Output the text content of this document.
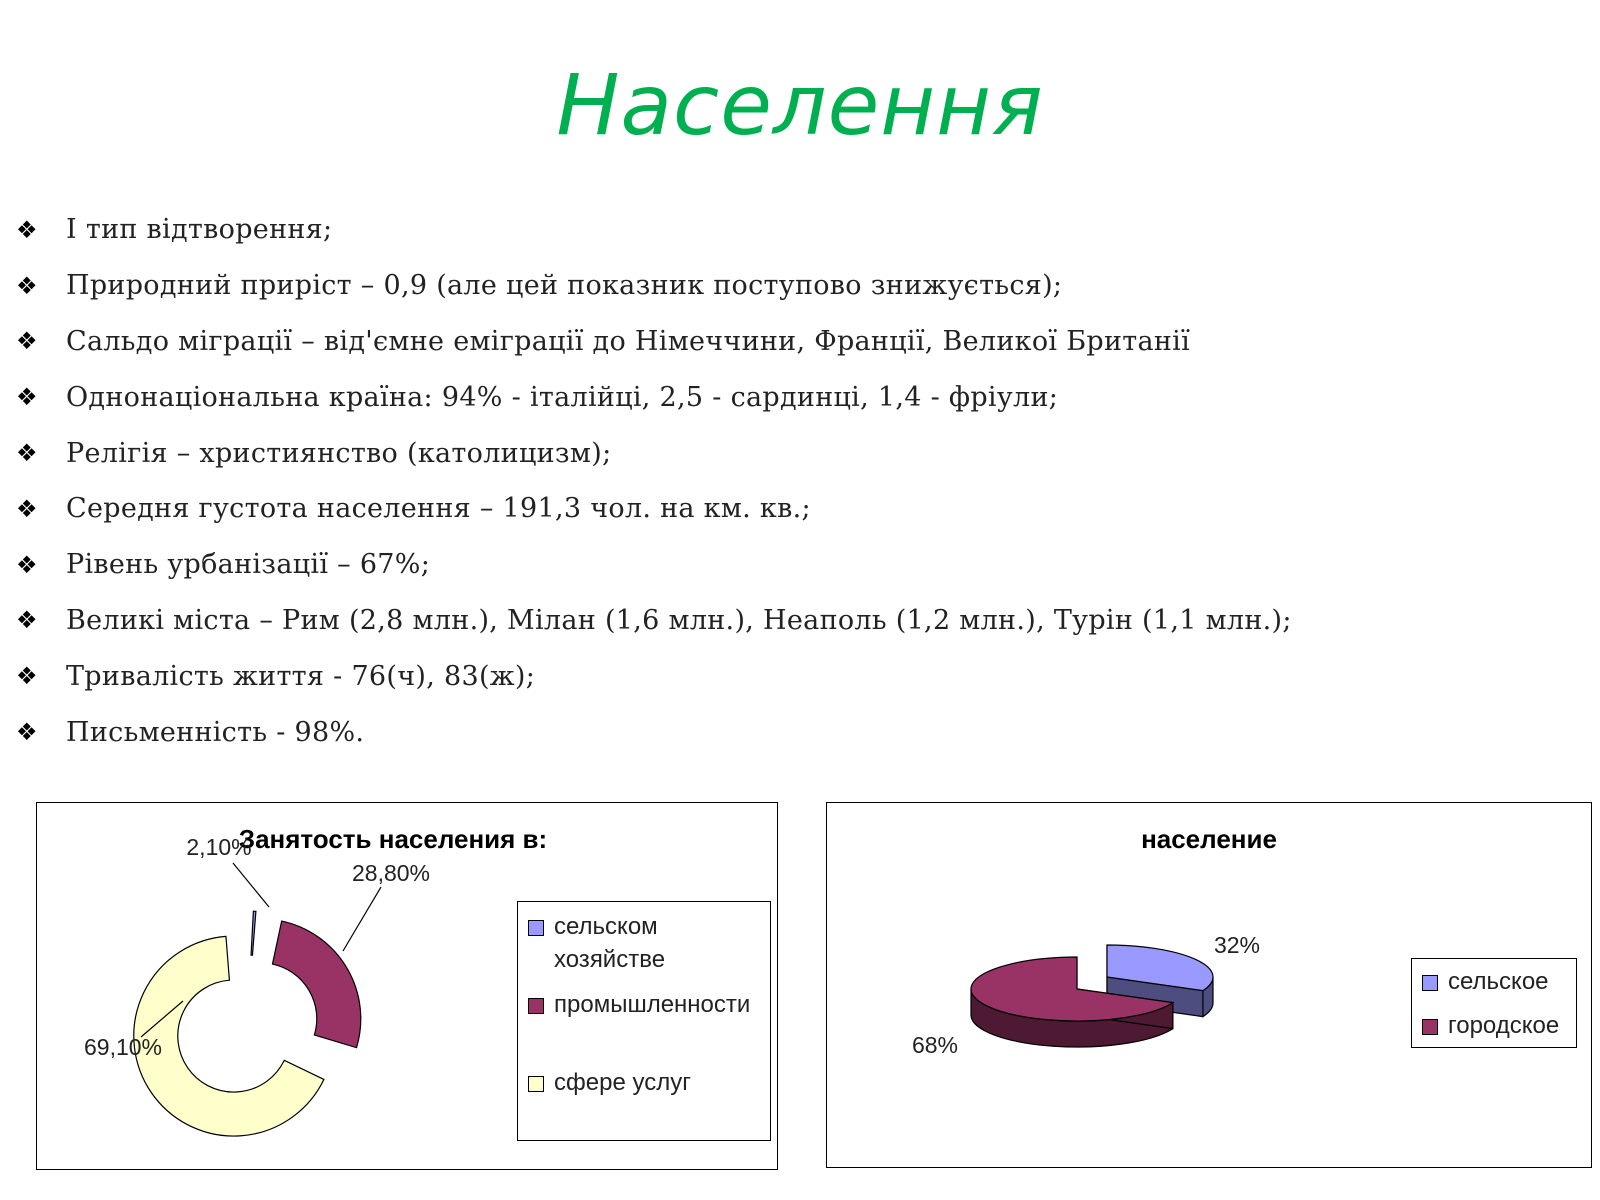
Населення
❖	І тип відтворення;
❖	Природний приріст – 0,9 (але цей показник поступово знижується);
❖	Сальдо міграції – від'ємне еміграції до Німеччини, Франції, Великої Британії
❖	Однонаціональна країна: 94% - італійці, 2,5 - сардинці, 1,4 - фріули;
❖	Релігія – християнство (католицизм);
❖	Середня густота населення – 191,3 чол. на км. кв.;
❖	Рівень урбанізації – 67%;
❖	Великі міста – Рим (2,8 млн.), Мілан (1,6 млн.), Неаполь (1,2 млн.), Турін (1,1 млн.);
❖	Тривалість життя - 76(ч), 83(ж);
❖	Письменність - 98%.
Занятость населения в:
2,10%
28,80%
69,10%
сельском
хозяйстве
промышленности
сфере услуг
население
32%
68%
сельское
городское
